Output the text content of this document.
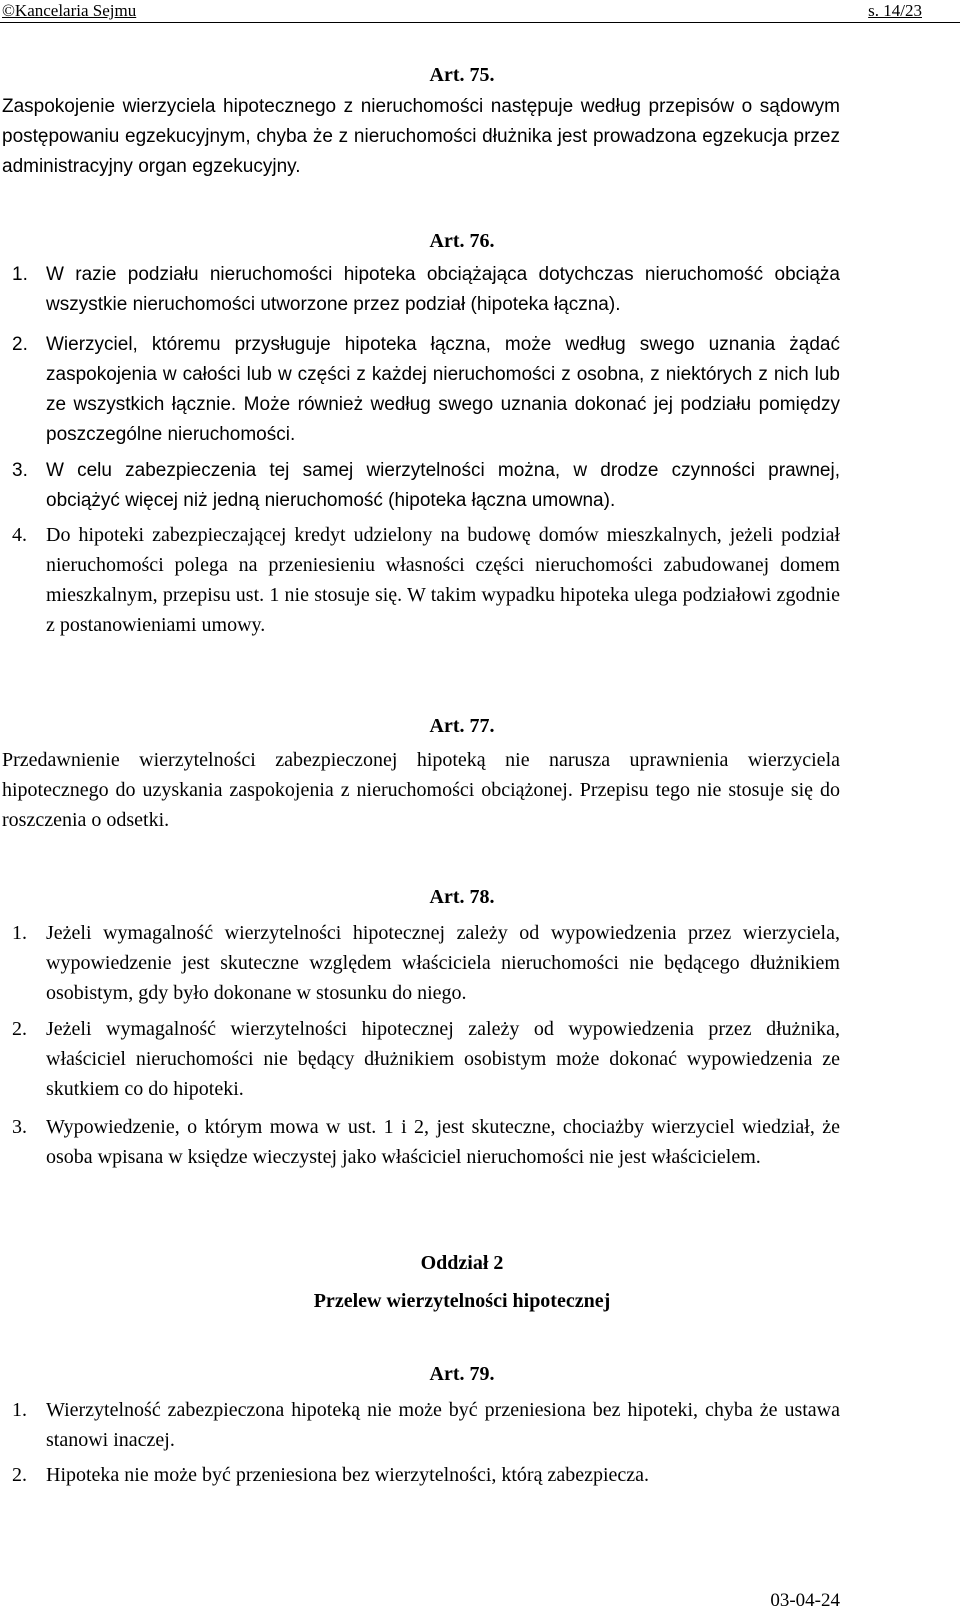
©Kancelaria Sejmu	s. 14/23
Art. 75.
Zaspokojenie wierzyciela hipotecznego z nieruchomości następuje według przepisów o sądowym postępowaniu egzekucyjnym, chyba że z nieruchomości dłużnika jest prowadzona egzekucja przez administracyjny organ egzekucyjny.
Art. 76.
1. W razie podziału nieruchomości hipoteka obciążająca dotychczas nieruchomość obciąża wszystkie nieruchomości utworzone przez podział (hipoteka łączna).
2. Wierzyciel, któremu przysługuje hipoteka łączna, może według swego uznania żądać zaspokojenia w całości lub w części z każdej nieruchomości z osobna, z niektórych z nich lub ze wszystkich łącznie. Może również według swego uznania dokonać jej podziału pomiędzy poszczególne nieruchomości.
3. W celu zabezpieczenia tej samej wierzytelności można, w drodze czynności prawnej, obciążyć więcej niż jedną nieruchomość (hipoteka łączna umowna).
4. Do hipoteki zabezpieczającej kredyt udzielony na budowę domów mieszkalnych, jeżeli podział nieruchomości polega na przeniesieniu własności części nieruchomości zabudowanej domem mieszkalnym, przepisu ust. 1 nie stosuje się. W takim wypadku hipoteka ulega podziałowi zgodnie z postanowieniami umowy.
Art. 77.
Przedawnienie wierzytelności zabezpieczonej hipoteką nie narusza uprawnienia wierzyciela hipotecznego do uzyskania zaspokojenia z nieruchomości obciążonej. Przepisu tego nie stosuje się do roszczenia o odsetki.
Art. 78.
1. Jeżeli wymagalność wierzytelności hipotecznej zależy od wypowiedzenia przez wierzyciela, wypowiedzenie jest skuteczne względem właściciela nieruchomości nie będącego dłużnikiem osobistym, gdy było dokonane w stosunku do niego.
2. Jeżeli wymagalność wierzytelności hipotecznej zależy od wypowiedzenia przez dłużnika, właściciel nieruchomości nie będący dłużnikiem osobistym może dokonać wypowiedzenia ze skutkiem co do hipoteki.
3. Wypowiedzenie, o którym mowa w ust. 1 i 2, jest skuteczne, chociażby wierzyciel wiedział, że osoba wpisana w księdze wieczystej jako właściciel nieruchomości nie jest właścicielem.
Oddział 2
Przelew wierzytelności hipotecznej
Art. 79.
1. Wierzytelność zabezpieczona hipoteką nie może być przeniesiona bez hipoteki, chyba że ustawa stanowi inaczej.
2. Hipoteka nie może być przeniesiona bez wierzytelności, którą zabezpiecza.
03-04-24
